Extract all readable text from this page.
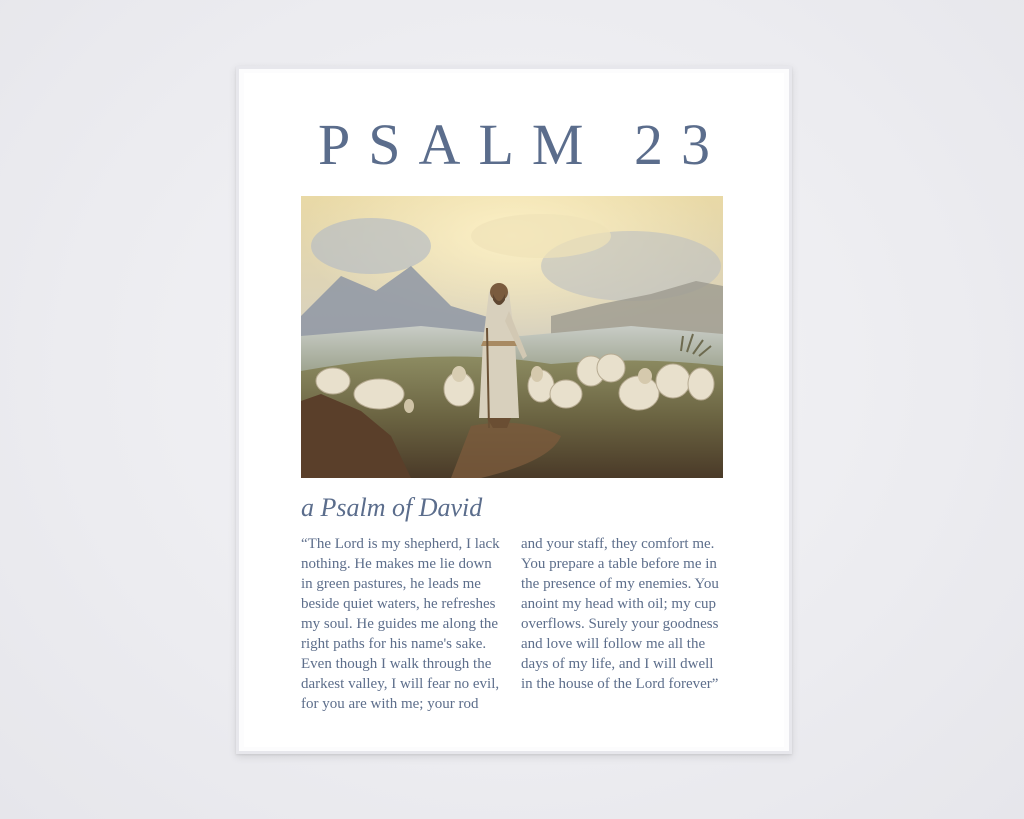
PSALM 23
a Psalm of David
“The Lord is my shepherd, I lack
nothing. He makes me lie down
in green pastures, he leads me
beside quiet waters, he refreshes
my soul. He guides me along the
right paths for his name's sake.
Even though I walk through the
darkest valley, I will fear no evil,
for you are with me; your rod
and your staff, they comfort me.
You prepare a table before me in
the presence of my enemies. You
anoint my head with oil; my cup
overflows. Surely your goodness
and love will follow me all the
days of my life, and I will dwell
in the house of the Lord forever”
